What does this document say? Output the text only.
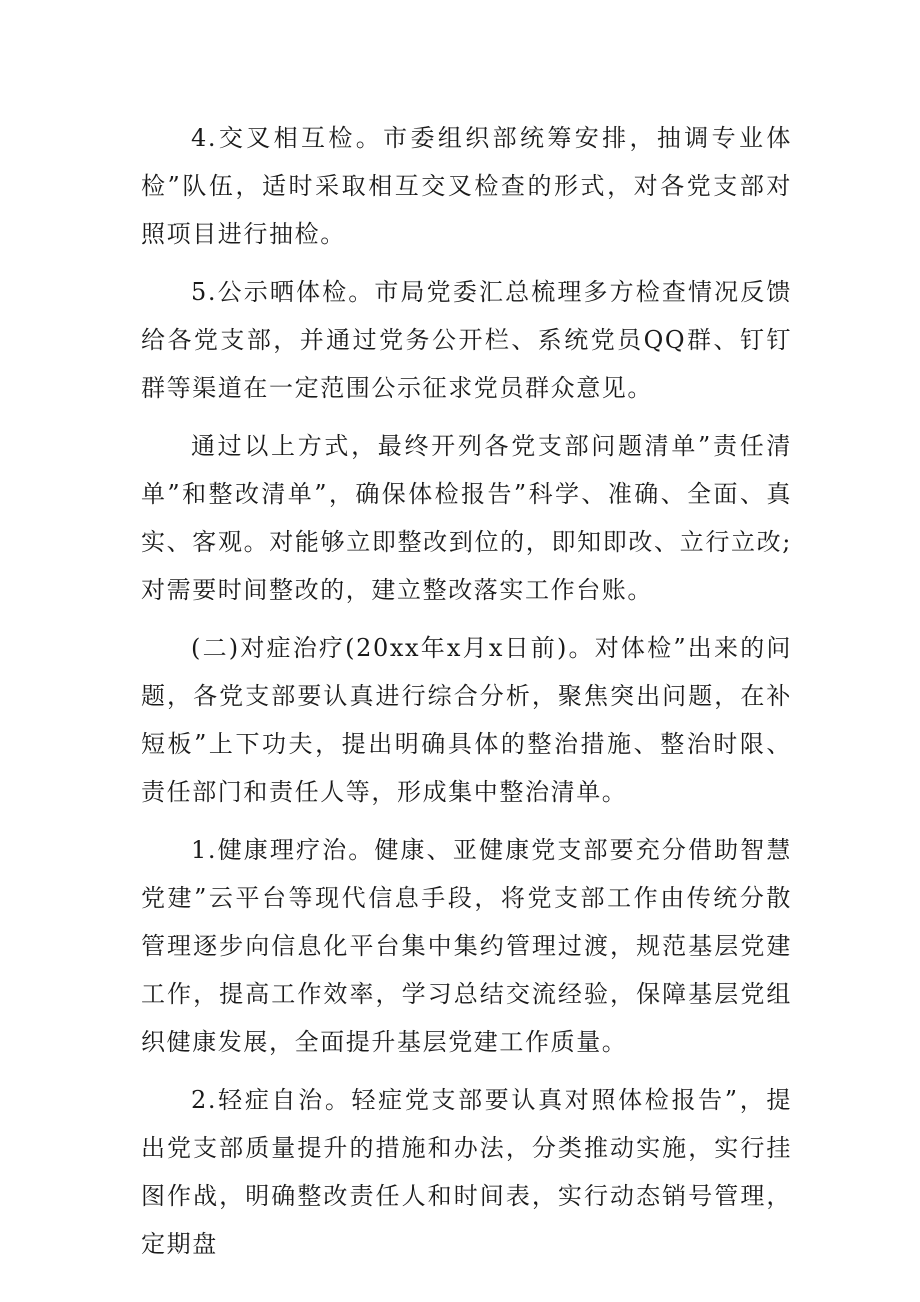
4.交叉相互检。市委组织部统筹安排，抽调专业体检”队伍，适时采取相互交叉检查的形式，对各党支部对照项目进行抽检。

5.公示晒体检。市局党委汇总梳理多方检查情况反馈给各党支部，并通过党务公开栏、系统党员QQ群、钉钉群等渠道在一定范围公示征求党员群众意见。

通过以上方式，最终开列各党支部问题清单”责任清单”和整改清单”，确保体检报告”科学、准确、全面、真实、客观。对能够立即整改到位的，即知即改、立行立改;对需要时间整改的，建立整改落实工作台账。

(二)对症治疗(20xx年x月x日前)。对体检”出来的问题，各党支部要认真进行综合分析，聚焦突出问题，在补短板”上下功夫，提出明确具体的整治措施、整治时限、责任部门和责任人等，形成集中整治清单。

1.健康理疗治。健康、亚健康党支部要充分借助智慧党建”云平台等现代信息手段，将党支部工作由传统分散管理逐步向信息化平台集中集约管理过渡，规范基层党建工作，提高工作效率，学习总结交流经验，保障基层党组织健康发展，全面提升基层党建工作质量。

2.轻症自治。轻症党支部要认真对照体检报告”，提出党支部质量提升的措施和办法，分类推动实施，实行挂图作战，明确整改责任人和时间表，实行动态销号管理，定期盘
